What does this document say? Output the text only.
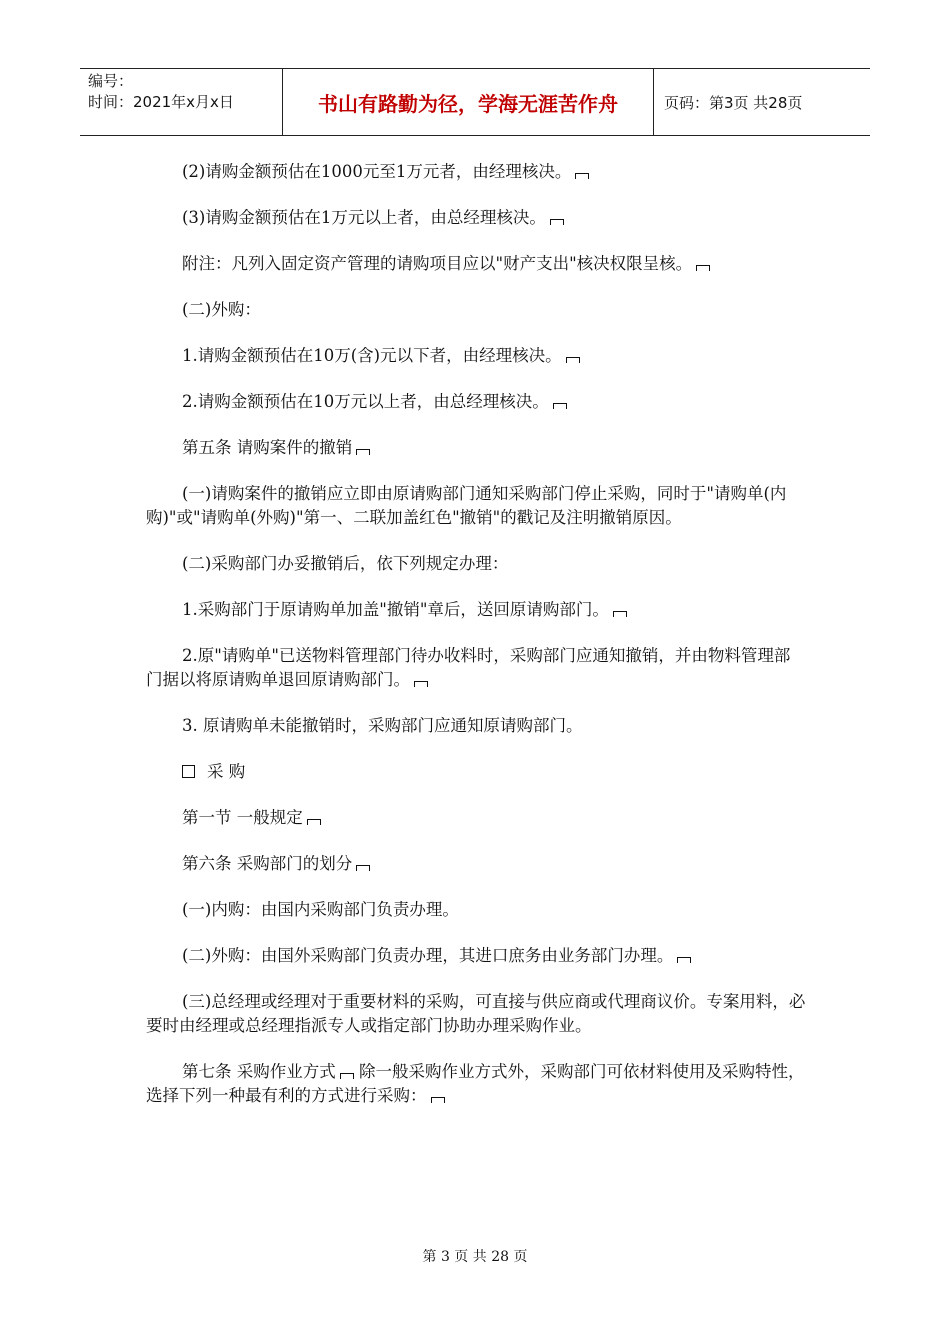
编号：
时间：2021年x月x日	书山有路勤为径，学海无涯苦作舟	页码：第3页 共28页

(2)请购金额预估在1000元至1万元者，由经理核决。

(3)请购金额预估在1万元以上者，由总经理核决。

附注：凡列入固定资产管理的请购项目应以"财产支出"核决权限呈核。

(二)外购：

1.请购金额预估在10万(含)元以下者，由经理核决。

2.请购金额预估在10万元以上者，由总经理核决。

第五条 请购案件的撤销

(一)请购案件的撤销应立即由原请购部门通知采购部门停止采购，同时于"请购单(内购)"或"请购单(外购)"第一、二联加盖红色"撤销"的戳记及注明撤销原因。

(二)采购部门办妥撤销后，依下列规定办理：

1.采购部门于原请购单加盖"撤销"章后，送回原请购部门。

2.原"请购单"已送物料管理部门待办收料时，采购部门应通知撤销，并由物料管理部门据以将原请购单退回原请购部门。

3. 原请购单未能撤销时，采购部门应通知原请购部门。

采 购

第一节 一般规定

第六条 采购部门的划分

(一)内购：由国内采购部门负责办理。

(二)外购：由国外采购部门负责办理，其进口庶务由业务部门办理。

(三)总经理或经理对于重要材料的采购，可直接与供应商或代理商议价。专案用料，必要时由经理或总经理指派专人或指定部门协助办理采购作业。

第七条 采购作业方式 除一般采购作业方式外，采购部门可依材料使用及采购特性，选择下列一种最有利的方式进行采购：

第 3 页 共 28 页
